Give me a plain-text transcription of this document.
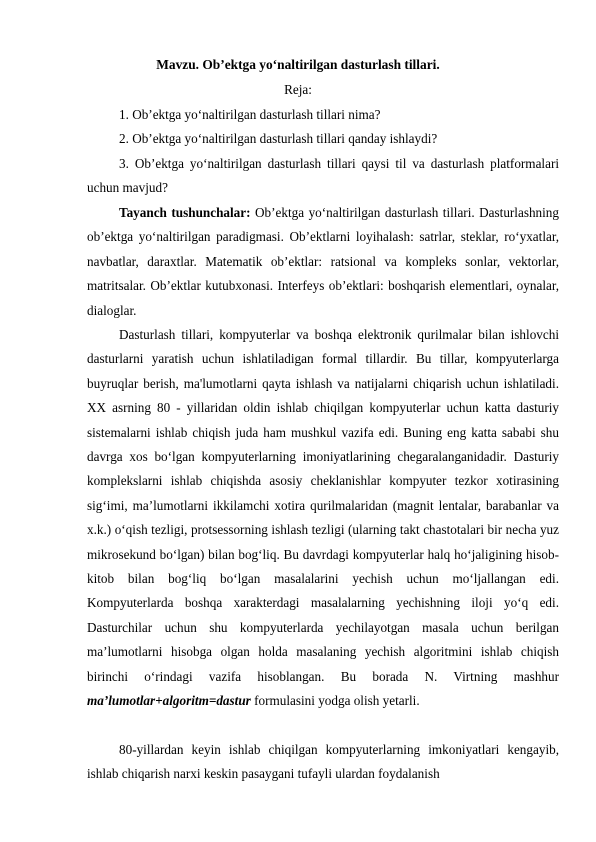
Mavzu. Ob’ektga yo‘naltirilgan dasturlash tillari.
Reja:
1. Ob’ektga yo‘naltirilgan dasturlash tillari nima?
2. Ob’ektga yo‘naltirilgan dasturlash tillari qanday ishlaydi?

3. Ob’ektga yo‘naltirilgan dasturlash tillari qaysi til va dasturlash platformalari uchun mavjud?

Tayanch tushunchalar: Ob’ektga yo‘naltirilgan dasturlash tillari. Dasturlashning ob’ektga yo‘naltirilgan paradigmasi. Ob’ektlarni loyihalash: satrlar, steklar, ro‘yxatlar, navbatlar, daraxtlar. Matematik ob’ektlar: ratsional va kompleks sonlar, vektorlar, matritsalar. Ob’ektlar kutubxonasi. Interfeys ob’ektlari: boshqarish elementlari, oynalar, dialoglar.

Dasturlash tillari, kompyuterlar va boshqa elektronik qurilmalar bilan ishlovchi dasturlarni yaratish uchun ishlatiladigan formal tillardir. Bu tillar, kompyuterlarga buyruqlar berish, ma'lumotlarni qayta ishlash va natijalarni chiqarish uchun ishlatiladi. XX asrning 80 - yillaridan oldin ishlab chiqilgan kompyuterlar uchun katta dasturiy sistemalarni ishlab chiqish juda ham mushkul vazifa edi. Buning eng katta sababi shu davrga xos bo‘lgan kompyuterlarning imoniyatlarining chegaralanganidadir. Dasturiy komplekslarni ishlab chiqishda asosiy cheklanishlar kompyuter tezkor xotirasining sig‘imi, ma’lumotlarni ikkilamchi xotira qurilmalaridan (magnit lentalar, barabanlar va x.k.) o‘qish tezligi, protsessorning ishlash tezligi (ularning takt chastotalari bir necha yuz mikrosekund bo‘lgan) bilan bog‘liq. Bu davrdagi kompyuterlar halq ho‘jaligining hisob-kitob bilan bog‘liq bo‘lgan masalalarini yechish uchun mo‘ljallangan edi. Kompyuterlarda boshqa xarakterdagi masalalarning yechishning iloji yo‘q edi. Dasturchilar uchun shu kompyuterlarda yechilayotgan masala uchun berilgan ma’lumotlarni hisobga olgan holda masalaning yechish algoritmini ishlab chiqish birinchi o‘rindagi vazifa hisoblangan. Bu borada N. Virtning mashhur ma’lumotlar+algoritm=dastur formulasini yodga olish yetarli.

80-yillardan keyin ishlab chiqilgan kompyuterlarning imkoniyatlari kengayib, ishlab chiqarish narxi keskin pasaygani tufayli ulardan foydalanish
